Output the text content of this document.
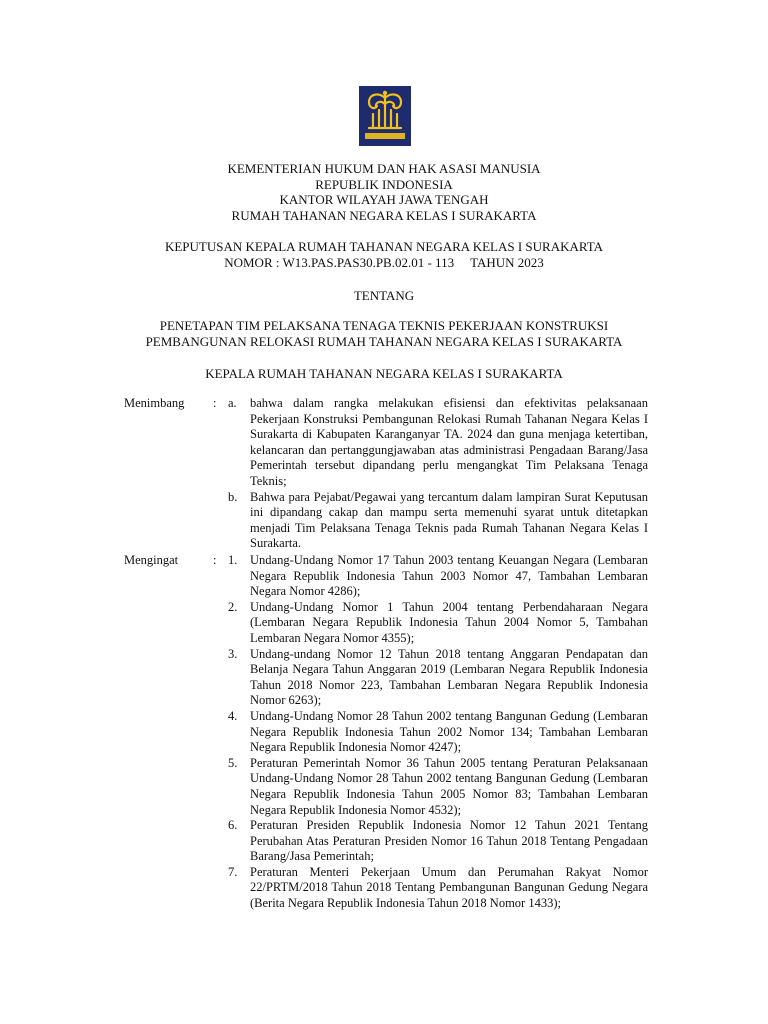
KEMENTERIAN HUKUM DAN HAK ASASI MANUSIA
REPUBLIK INDONESIA
KANTOR WILAYAH JAWA TENGAH
RUMAH TAHANAN NEGARA KELAS I SURAKARTA
KEPUTUSAN KEPALA RUMAH TAHANAN NEGARA KELAS I SURAKARTA
NOMOR : W13.PAS.PAS30.PB.02.01 - 113 TAHUN 2023
TENTANG
PENETAPAN TIM PELAKSANA TENAGA TEKNIS PEKERJAAN KONSTRUKSI
PEMBANGUNAN RELOKASI RUMAH TAHANAN NEGARA KELAS I SURAKARTA
KEPALA RUMAH TAHANAN NEGARA KELAS I SURAKARTA
Menimbang : a.	bahwa dalam rangka melakukan efisiensi dan efektivitas pelaksanaan Pekerjaan Konstruksi Pembangunan Relokasi Rumah Tahanan Negara Kelas I Surakarta di Kabupaten Karanganyar TA. 2024 dan guna menjaga ketertiban, kelancaran dan pertanggungjawaban atas administrasi Pengadaan Barang/Jasa Pemerintah tersebut dipandang perlu mengangkat Tim Pelaksana Tenaga Teknis;
b.	Bahwa para Pejabat/Pegawai yang tercantum dalam lampiran Surat Keputusan ini dipandang cakap dan mampu serta memenuhi syarat untuk ditetapkan menjadi Tim Pelaksana Tenaga Teknis pada Rumah Tahanan Negara Kelas I Surakarta.
Mengingat	: 1.	Undang-Undang Nomor 17 Tahun 2003 tentang Keuangan Negara (Lembaran Negara Republik Indonesia Tahun 2003 Nomor 47, Tambahan Lembaran Negara Nomor 4286);
2.	Undang-Undang Nomor 1 Tahun 2004 tentang Perbendaharaan Negara (Lembaran Negara Republik Indonesia Tahun 2004 Nomor 5, Tambahan Lembaran Negara Nomor 4355);
3.	Undang-undang Nomor 12 Tahun 2018 tentang Anggaran Pendapatan dan Belanja Negara Tahun Anggaran 2019 (Lembaran Negara Republik Indonesia Tahun 2018 Nomor 223, Tambahan Lembaran Negara Republik Indonesia Nomor 6263);
4.	Undang-Undang Nomor 28 Tahun 2002 tentang Bangunan Gedung (Lembaran Negara Republik Indonesia Tahun 2002 Nomor 134; Tambahan Lembaran Negara Republik Indonesia Nomor 4247);
5.	Peraturan Pemerintah Nomor 36 Tahun 2005 tentang Peraturan Pelaksanaan Undang-Undang Nomor 28 Tahun 2002 tentang Bangunan Gedung (Lembaran Negara Republik Indonesia Tahun 2005 Nomor 83; Tambahan Lembaran Negara Republik Indonesia Nomor 4532);
6.	Peraturan Presiden Republik Indonesia Nomor 12 Tahun 2021 Tentang Perubahan Atas Peraturan Presiden Nomor 16 Tahun 2018 Tentang Pengadaan Barang/Jasa Pemerintah;
7.	Peraturan Menteri Pekerjaan Umum dan Perumahan Rakyat Nomor 22/PRTM/2018 Tahun 2018 Tentang Pembangunan Bangunan Gedung Negara (Berita Negara Republik Indonesia Tahun 2018 Nomor 1433);
